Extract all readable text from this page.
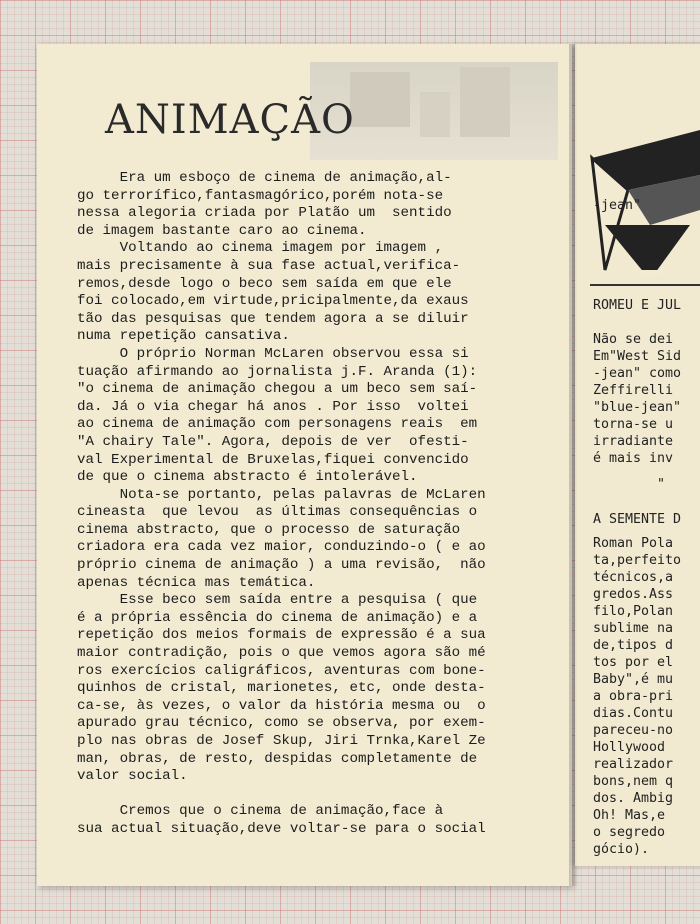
ANIMAÇÃO
Era um esboço de cinema de animação,al-
go terrorífico,fantasmagórico,porém nota-se
nessa alegoria criada por Platão um  sentido
de imagem bastante caro ao cinema.
Voltando ao cinema imagem por imagem ,
mais precisamente à sua fase actual,verifica-
remos,desde logo o beco sem saída em que ele
foi colocado,em virtude,pricipalmente,da exaus
tão das pesquisas que tendem agora a se diluir
numa repetição cansativa.
O próprio Norman McLaren observou essa si
tuação afirmando ao jornalista j.F. Aranda (1):
"o cinema de animação chegou a um beco sem saí-
da. Já o via chegar há anos . Por isso  voltei
ao cinema de animação com personagens reais  em
"A chairy Tale". Agora, depois de ver  ofesti-
val Experimental de Bruxelas,fiquei convencido
de que o cinema abstracto é intolerável.
Nota-se portanto, pelas palavras de McLaren
cineasta  que levou  as últimas consequências o
cinema abstracto, que o processo de saturação
criadora era cada vez maior, conduzindo-o ( e ao
próprio cinema de animação ) a uma revisão,  não
apenas técnica mas temática.
Esse beco sem saída entre a pesquisa ( que
é a própria essência do cinema de animação) e a
repetição dos meios formais de expressão é a sua
maior contradição, pois o que vemos agora são mé
ros exercícios caligráficos, aventuras com bone-
quinhos de cristal, marionetes, etc, onde desta-
ca-se, às vezes, o valor da história mesma ou  o
apurado grau técnico, como se observa, por exem-
plo nas obras de Josef Skup, Jiri Trnka,Karel Ze
man, obras, de resto, despidas completamente de
valor social.

Cremos que o cinema de animação,face à
sua actual situação,deve voltar-se para o social

-jean"
ROMEU E JUL
Não se dei
Em"West Sid
-jean" como
Zeffirelli
"blue-jean"
torna-se u
irradiante
é mais inv
"
A SEMENTE D
Roman Pola
ta,perfeito
técnicos,a
gredos.Ass
filo,Polan
sublime na
de,tipos d
tos por el
Baby",é mu
a obra-pri
dias.Contu
pareceu-no
Hollywood
realizador
bons,nem q
dos. Ambig
Oh! Mas,e
o segredo
gócio).
